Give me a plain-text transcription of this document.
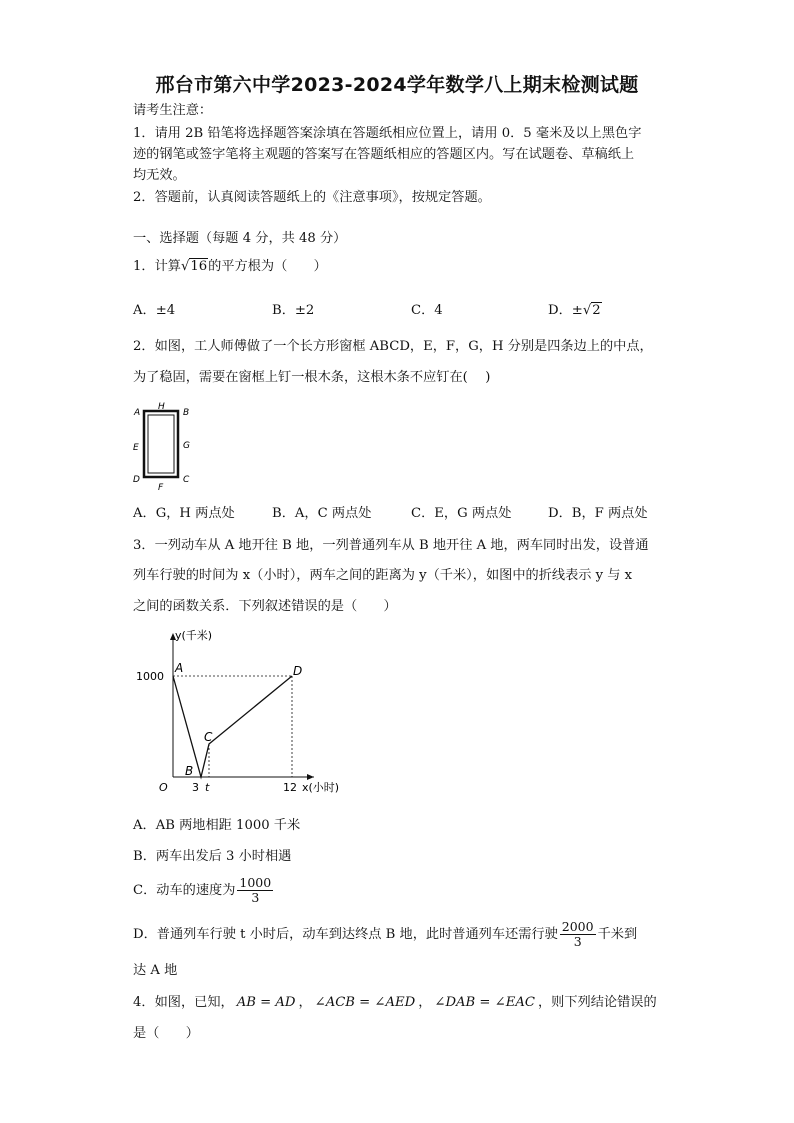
邢台市第六中学2023-2024学年数学八上期末检测试题
请考生注意：
1．请用 2B 铅笔将选择题答案涂填在答题纸相应位置上，请用 0．5 毫米及以上黑色字
迹的钢笔或签字笔将主观题的答案写在答题纸相应的答题区内。写在试题卷、草稿纸上
均无效。
2．答题前，认真阅读答题纸上的《注意事项》，按规定答题。
一、选择题（每题 4 分，共 48 分）
1．计算√16的平方根为（　　）
A．±4	B．±2	C．4	D．±√2
2．如图，工人师傅做了一个长方形窗框 ABCD，E，F，G，H 分别是四条边上的中点，
为了稳固，需要在窗框上钉一根木条，这根木条不应钉在(　 )
A	B
C
D
E
F
G
H
A．G，H 两点处	B．A，C 两点处	C．E，G 两点处	D．B，F 两点处
3．一列动车从 A 地开往 B 地，一列普通列车从 B 地开往 A 地，两车同时出发，设普通
列车行驶的时间为 x（小时），两车之间的距离为 y（千米），如图中的折线表示 y 与 x
之间的函数关系．下列叙述错误的是（　　）
y(千米)
x(小时)
1000
O 3 t	12
A
B
C
D
A．AB 两地相距 1000 千米
B．两车出发后 3 小时相遇
C．动车的速度为 $\frac{1000}{3}$
D．普通列车行驶 t 小时后，动车到达终点 B 地，此时普通列车还需行驶 $\frac{2000}{3}$ 千米到
达 A 地
4．如图，已知， AB = AD ， ∠ACB = ∠AED ， ∠DAB = ∠EAC ，则下列结论错误的
是（　　）
